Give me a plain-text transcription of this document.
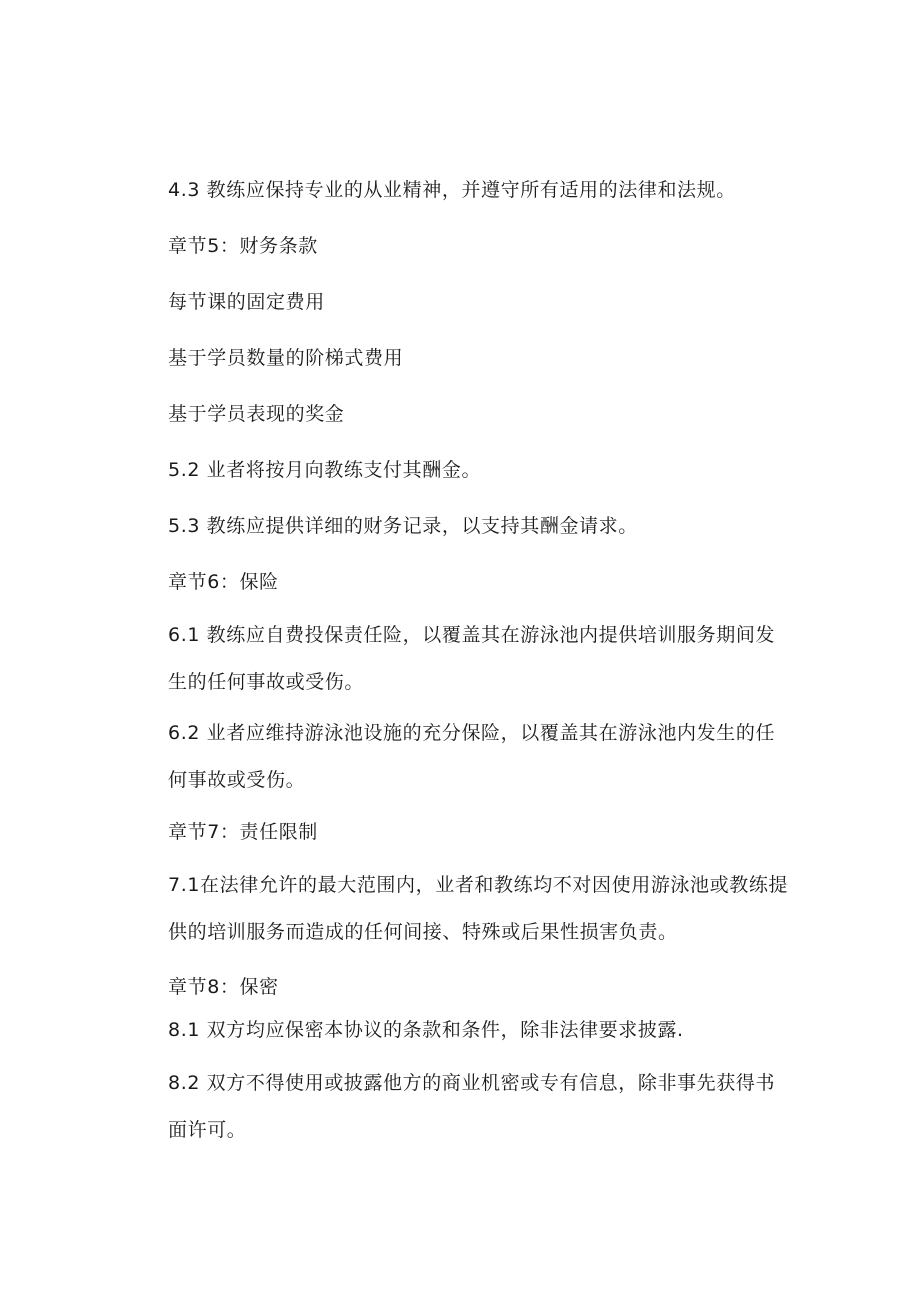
4.3 教练应保持专业的从业精神，并遵守所有适用的法律和法规。
章节5：财务条款
每节课的固定费用
基于学员数量的阶梯式费用
基于学员表现的奖金
5.2 业者将按月向教练支付其酬金。
5.3 教练应提供详细的财务记录，以支持其酬金请求。
章节6：保险
6.1 教练应自费投保责任险，以覆盖其在游泳池内提供培训服务期间发生的任何事故或受伤。
6.2 业者应维持游泳池设施的充分保险，以覆盖其在游泳池内发生的任何事故或受伤。
章节7：责任限制
7.1在法律允许的最大范围内，业者和教练均不对因使用游泳池或教练提供的培训服务而造成的任何间接、特殊或后果性损害负责。
章节8：保密
8.1 双方均应保密本协议的条款和条件，除非法律要求披露.
8.2 双方不得使用或披露他方的商业机密或专有信息，除非事先获得书面许可。
